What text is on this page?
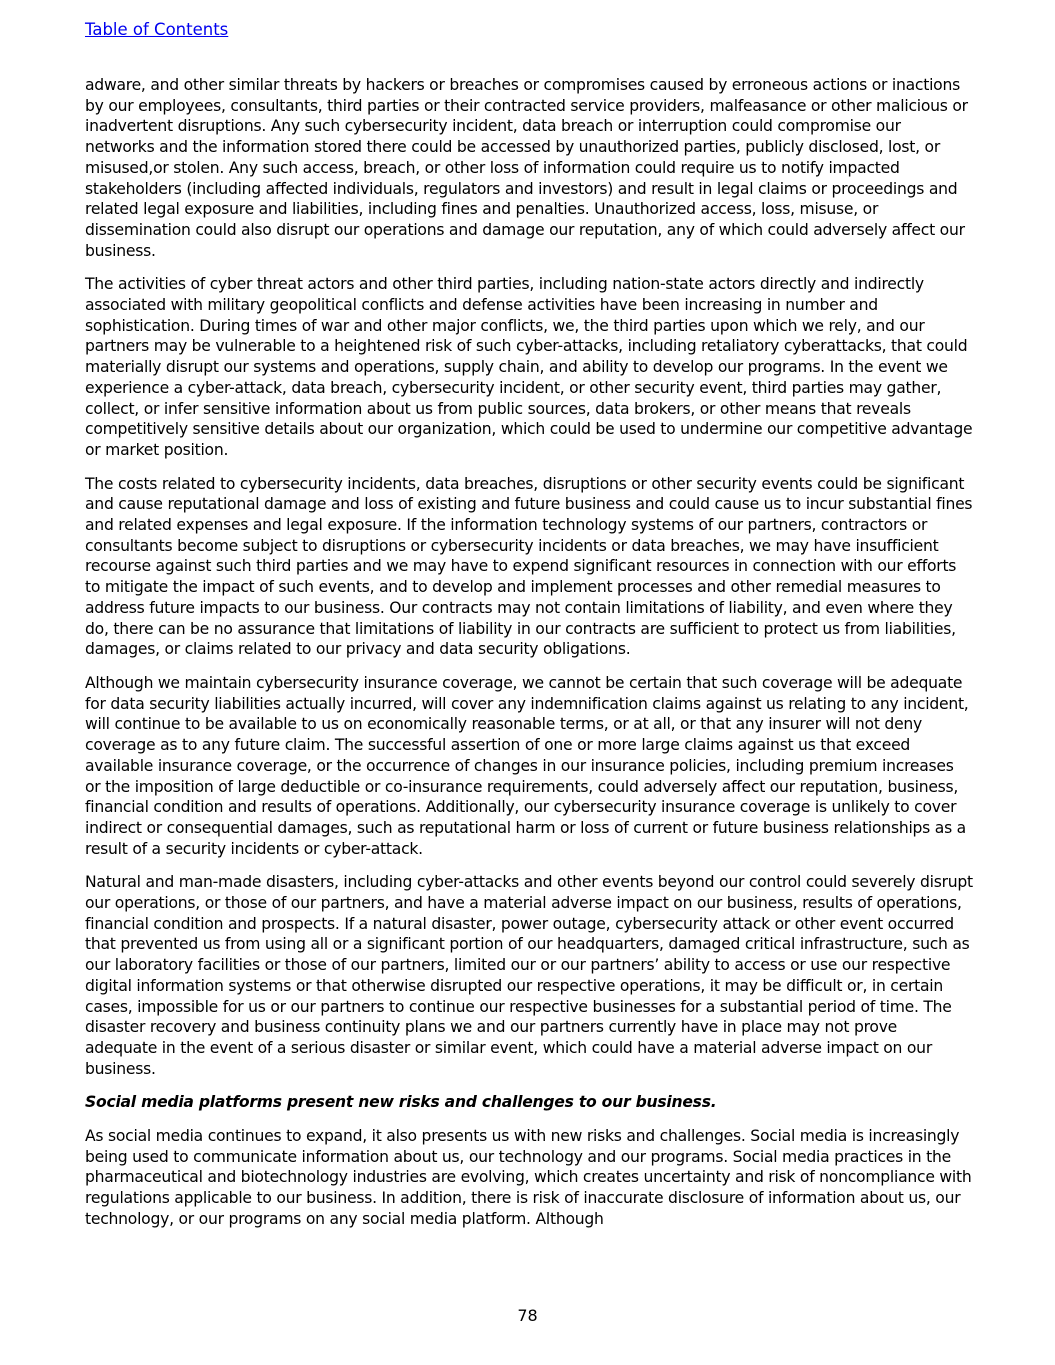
Table of Contents

adware, and other similar threats by hackers or breaches or compromises caused by erroneous actions or inactions by our employees, consultants, third parties or their contracted service providers, malfeasance or other malicious or inadvertent disruptions. Any such cybersecurity incident, data breach or interruption could compromise our networks and the information stored there could be accessed by unauthorized parties, publicly disclosed, lost, or misused,or stolen. Any such access, breach, or other loss of information could require us to notify impacted stakeholders (including affected individuals, regulators and investors) and result in legal claims or proceedings and related legal exposure and liabilities, including fines and penalties. Unauthorized access, loss, misuse, or dissemination could also disrupt our operations and damage our reputation, any of which could adversely affect our business.

The activities of cyber threat actors and other third parties, including nation-state actors directly and indirectly associated with military geopolitical conflicts and defense activities have been increasing in number and sophistication. During times of war and other major conflicts, we, the third parties upon which we rely, and our partners may be vulnerable to a heightened risk of such cyber-attacks, including retaliatory cyberattacks, that could materially disrupt our systems and operations, supply chain, and ability to develop our programs. In the event we experience a cyber-attack, data breach, cybersecurity incident, or other security event, third parties may gather, collect, or infer sensitive information about us from public sources, data brokers, or other means that reveals competitively sensitive details about our organization, which could be used to undermine our competitive advantage or market position.

The costs related to cybersecurity incidents, data breaches, disruptions or other security events could be significant and cause reputational damage and loss of existing and future business and could cause us to incur substantial fines and related expenses and legal exposure. If the information technology systems of our partners, contractors or consultants become subject to disruptions or cybersecurity incidents or data breaches, we may have insufficient recourse against such third parties and we may have to expend significant resources in connection with our efforts to mitigate the impact of such events, and to develop and implement processes and other remedial measures to address future impacts to our business. Our contracts may not contain limitations of liability, and even where they do, there can be no assurance that limitations of liability in our contracts are sufficient to protect us from liabilities, damages, or claims related to our privacy and data security obligations.

Although we maintain cybersecurity insurance coverage, we cannot be certain that such coverage will be adequate for data security liabilities actually incurred, will cover any indemnification claims against us relating to any incident, will continue to be available to us on economically reasonable terms, or at all, or that any insurer will not deny coverage as to any future claim. The successful assertion of one or more large claims against us that exceed available insurance coverage, or the occurrence of changes in our insurance policies, including premium increases or the imposition of large deductible or co-insurance requirements, could adversely affect our reputation, business, financial condition and results of operations. Additionally, our cybersecurity insurance coverage is unlikely to cover indirect or consequential damages, such as reputational harm or loss of current or future business relationships as a result of a security incidents or cyber-attack.

Natural and man-made disasters, including cyber-attacks and other events beyond our control could severely disrupt our operations, or those of our partners, and have a material adverse impact on our business, results of operations, financial condition and prospects. If a natural disaster, power outage, cybersecurity attack or other event occurred that prevented us from using all or a significant portion of our headquarters, damaged critical infrastructure, such as our laboratory facilities or those of our partners, limited our or our partners’ ability to access or use our respective digital information systems or that otherwise disrupted our respective operations, it may be difficult or, in certain cases, impossible for us or our partners to continue our respective businesses for a substantial period of time. The disaster recovery and business continuity plans we and our partners currently have in place may not prove adequate in the event of a serious disaster or similar event, which could have a material adverse impact on our business.

Social media platforms present new risks and challenges to our business.

As social media continues to expand, it also presents us with new risks and challenges. Social media is increasingly being used to communicate information about us, our technology and our programs. Social media practices in the pharmaceutical and biotechnology industries are evolving, which creates uncertainty and risk of noncompliance with regulations applicable to our business. In addition, there is risk of inaccurate disclosure of information about us, our technology, or our programs on any social media platform. Although

78
